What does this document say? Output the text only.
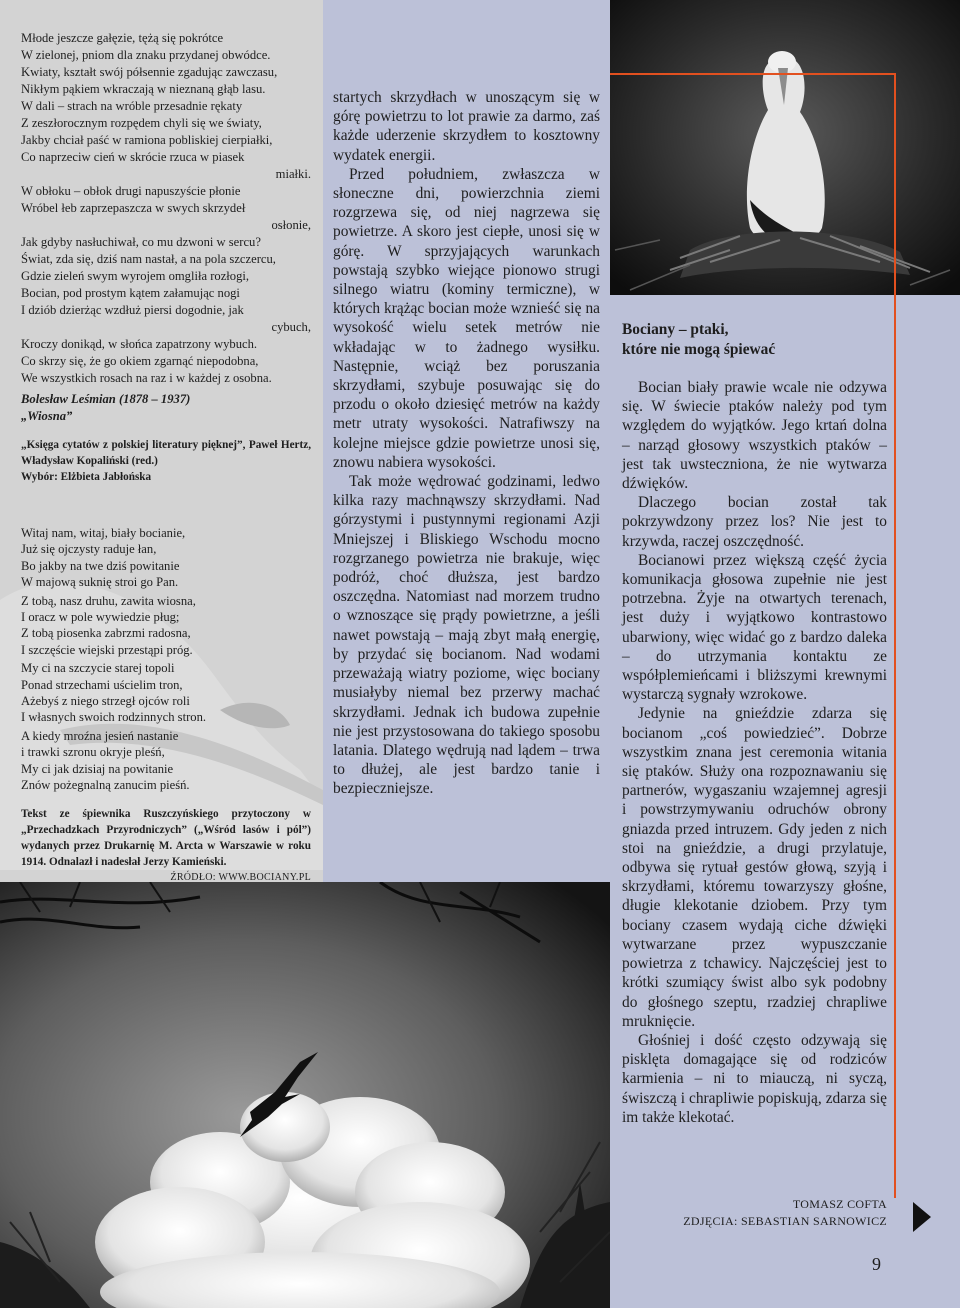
Młode jeszcze gałęzie, tężą się pokrótce
W zielonej, pniom dla znaku przydanej obwódce.
Kwiaty, kształt swój półsennie zgadując zawczasu,
Nikłym pąkiem wkraczają w nieznaną głąb lasu.
W dali – strach na wróble przesadnie rękaty
Z zeszłorocznym rozpędem chyli się we światy,
Jakby chciał paść w ramiona pobliskiej cierpiałki,
Co naprzeciw cień w skrócie rzuca w piasek
miałki.
W obłoku – obłok drugi napuszyście płonie
Wróbel łeb zaprzepaszcza w swych skrzydeł
osłonie,
Jak gdyby nasłuchiwał, co mu dzwoni w sercu?
Świat, zda się, dziś nam nastał, a na pola szczercu,
Gdzie zieleń swym wyrojem omgliła rozłogi,
Bocian, pod prostym kątem załamując nogi
I dziób dzierżąc wzdłuż piersi dogodnie, jak
cybuch,
Kroczy donikąd, w słońca zapatrzony wybuch.
Co skrzy się, że go okiem zgarnąć niepodobna,
We wszystkich rosach na raz i w każdej z osobna.
Bolesław Leśmian (1878 – 1937)
„Wiosna”
„Księga cytatów z polskiej literatury pięknej”, Paweł Hertz, Władysław Kopaliński (red.)
Wybór: Elżbieta Jabłońska
Witaj nam, witaj, biały bocianie,
Już się ojczysty raduje łan,
Bo jakby na twe dziś powitanie
W majową suknię stroi go Pan.
Z tobą, nasz druhu, zawita wiosna,
I oracz w pole wywiedzie pług;
Z tobą piosenka zabrzmi radosna,
I szczęście wiejski przestąpi próg.
My ci na szczycie starej topoli
Ponad strzechami uścielim tron,
Ażebyś z niego strzegł ojców roli
I własnych swoich rodzinnych stron.
A kiedy mroźna jesień nastanie
i trawki szronu okryje pleśń,
My ci jak dzisiaj na powitanie
Znów pożegnalną zanucim pieśń.
Tekst ze śpiewnika Ruszczyńskiego przytoczony w „Przechadzkach Przyrodniczych” („Wśród lasów i pól”) wydanych przez Drukarnię M. Arcta w Warszawie w roku 1914. Odnalazł i nadesłał Jerzy Kamieński.
ŹRÓDŁO: WWW.BOCIANY.PL

startych skrzydłach w unoszącym się w górę powietrzu to lot prawie za darmo, zaś każde uderzenie skrzydłem to kosztowny wydatek energii.

Przed południem, zwłaszcza w słoneczne dni, powierzchnia ziemi rozgrzewa się, od niej nagrzewa się powietrze. A skoro jest ciepłe, unosi się w górę. W sprzyjających warunkach powstają szybko wiejące pionowo strugi silnego wiatru (kominy termiczne), w których krążąc bocian może wznieść się na wysokość wielu setek metrów nie wkładając w to żadnego wysiłku. Następnie, wciąż bez poruszania skrzydłami, szybuje posuwając się do przodu o około dziesięć metrów na każdy metr utraty wysokości. Natrafiwszy na kolejne miejsce gdzie powietrze unosi się, znowu nabiera wysokości.

Tak może wędrować godzinami, ledwo kilka razy machnąwszy skrzydłami. Nad górzystymi i pustynnymi regionami Azji Mniejszej i Bliskiego Wschodu mocno rozgrzanego powietrza nie brakuje, więc podróż, choć dłuższa, jest bardzo oszczędna. Natomiast nad morzem trudno o wznoszące się prądy powietrzne, a jeśli nawet powstają – mają zbyt małą energię, by przydać się bocianom. Nad wodami przeważają wiatry poziome, więc bociany musiałyby niemal bez przerwy machać skrzydłami. Jednak ich budowa zupełnie nie jest przystosowana do takiego sposobu latania. Dlatego wędrują nad lądem – trwa to dłużej, ale jest bardzo tanie i bezpieczniejsze.

Bociany – ptaki,
które nie mogą śpiewać

Bocian biały prawie wcale nie odzywa się. W świecie ptaków należy pod tym względem do wyjątków. Jego krtań dolna – narząd głosowy wszystkich ptaków – jest tak uwsteczniona, że nie wytwarza dźwięków.

Dlaczego bocian został tak pokrzywdzony przez los? Nie jest to krzywda, raczej oszczędność.

Bocianowi przez większą część życia komunikacja głosowa zupełnie nie jest potrzebna. Żyje na otwartych terenach, jest duży i wyjątkowo kontrastowo ubarwiony, więc widać go z bardzo daleka – do utrzymania kontaktu ze współplemieńcami i bliższymi krewnymi wystarczą sygnały wzrokowe.

Jedynie na gnieździe zdarza się bocianom „coś powiedzieć”. Dobrze wszystkim znana jest ceremonia witania się ptaków. Służy ona rozpoznawaniu się partnerów, wygaszaniu wzajemnej agresji i powstrzymywaniu odruchów obrony gniazda przed intruzem. Gdy jeden z nich stoi na gnieździe, a drugi przylatuje, odbywa się rytuał gestów głową, szyją i skrzydłami, któremu towarzyszy głośne, długie klekotanie dziobem. Przy tym bociany czasem wydają ciche dźwięki wytwarzane przez wypuszczanie powietrza z tchawicy. Najczęściej jest to krótki szumiący świst albo syk podobny do głośnego szeptu, rzadziej chrapliwe mruknięcie.

Głośniej i dość często odzywają się pisklęta domagające się od rodziców karmienia – ni to miauczą, ni syczą, świszczą i chrapliwie popiskują, zdarza się im także klekotać.

TOMASZ COFTA
ZDJĘCIA: SEBASTIAN SARNOWICZ
9
